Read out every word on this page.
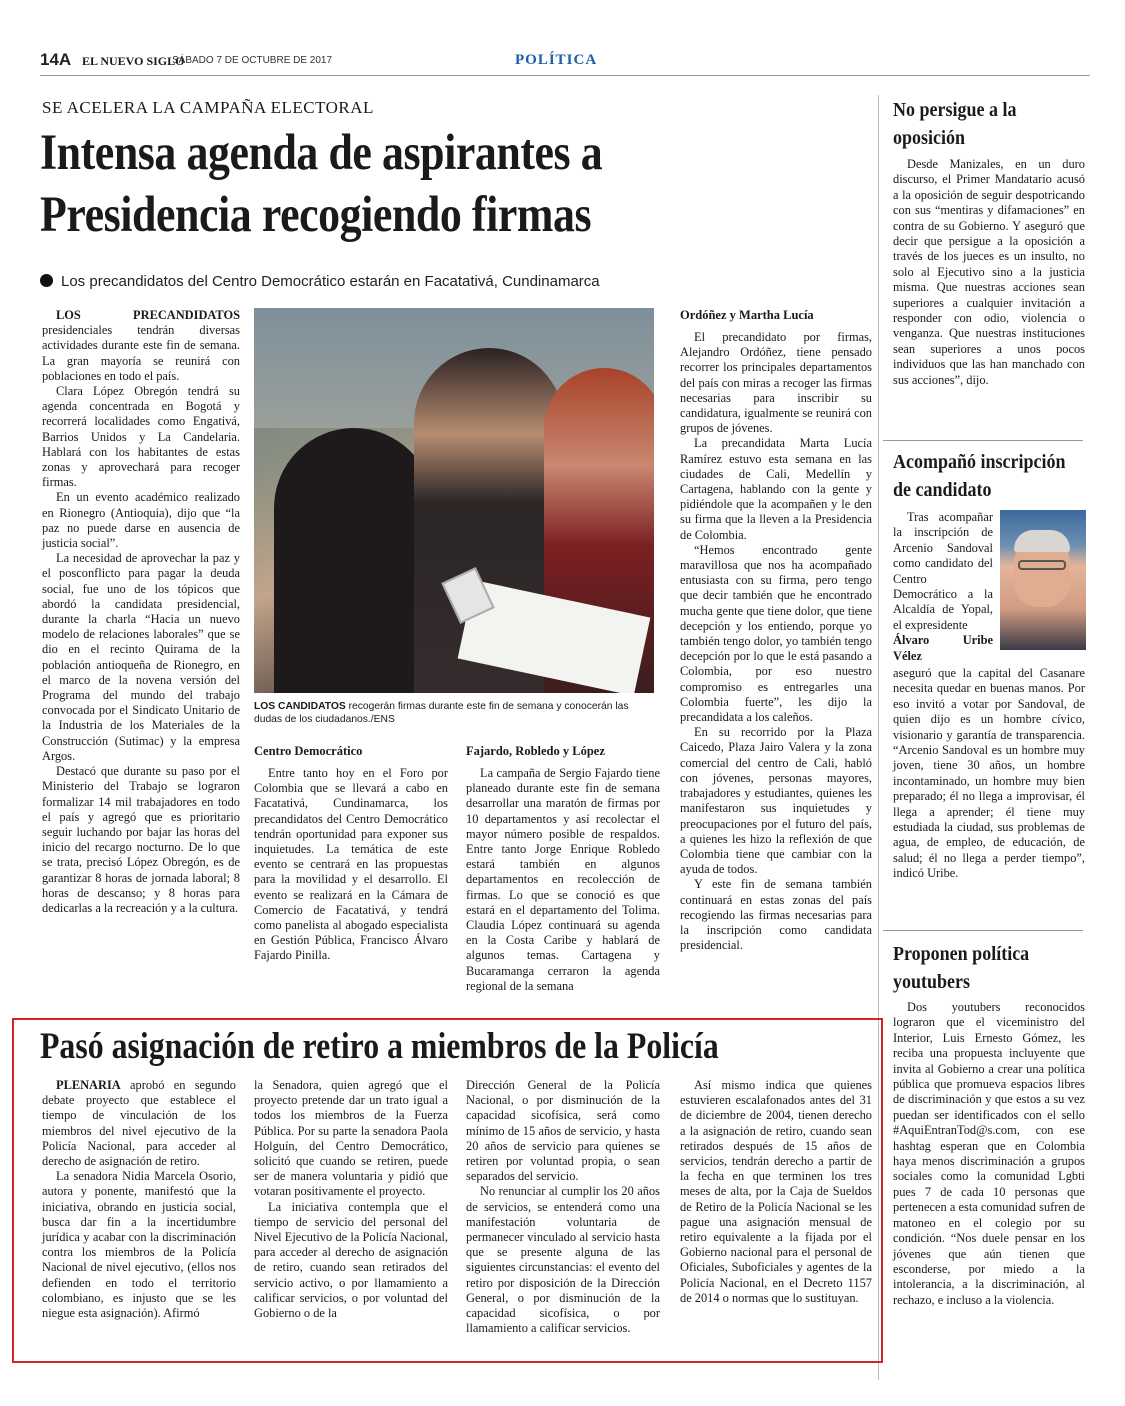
14A EL NUEVO SIGLO
SÁBADO 7 DE OCTUBRE DE 2017	POLÍTICA
SE ACELERA LA CAMPAÑA ELECTORAL
Intensa agenda de aspirantes a Presidencia recogiendo firmas
Los precandidatos del Centro Democrático estarán en Facatativá, Cundinamarca

LOS PRECANDIDATOS presidenciales tendrán diversas actividades durante este fin de semana. La gran mayoría se reunirá con poblaciones en todo el país.

Clara López Obregón tendrá su agenda concentrada en Bogotá y recorrerá localidades como Engativá, Barrios Unidos y La Candelaria. Hablará con los habitantes de estas zonas y aprovechará para recoger firmas.

En un evento académico realizado en Rionegro (Antioquia), dijo que “la paz no puede darse en ausencia de justicia social”.

La necesidad de aprovechar la paz y el posconflicto para pagar la deuda social, fue uno de los tópicos que abordó la candidata presidencial, durante la charla “Hacia un nuevo modelo de relaciones laborales” que se dio en el recinto Quirama de la población antioqueña de Rionegro, en el marco de la novena versión del Programa del mundo del trabajo convocada por el Sindicato Unitario de la Industria de los Materiales de la Construcción (Sutimac) y la empresa Argos.

Destacó que durante su paso por el Ministerio del Trabajo se lograron formalizar 14 mil trabajadores en todo el país y agregó que es prioritario seguir luchando por bajar las horas del inicio del recargo nocturno. De lo que se trata, precisó López Obregón, es de garantizar 8 horas de jornada laboral; 8 horas de descanso; y 8 horas para dedicarlas a la recreación y a la cultura.

LOS CANDIDATOS recogerán firmas durante este fin de semana y conocerán las dudas de los ciudadanos./ENS
Centro Democrático

Entre tanto hoy en el Foro por Colombia que se llevará a cabo en Facatativá, Cundinamarca, los precandidatos del Centro Democrático tendrán oportunidad para exponer sus inquietudes. La temática de este evento se centrará en las propuestas para la movilidad y el desarrollo. El evento se realizará en la Cámara de Comercio de Facatativá, y tendrá como panelista al abogado especialista en Gestión Pública, Francisco Álvaro Fajardo Pinilla.

Fajardo, Robledo y López

La campaña de Sergio Fajardo tiene planeado durante este fin de semana desarrollar una maratón de firmas por 10 departamentos y así recolectar el mayor número posible de respaldos. Entre tanto Jorge Enrique Robledo estará también en algunos departamentos en recolección de firmas. Lo que se conoció es que estará en el departamento del Tolima. Claudia López continuará su agenda en la Costa Caribe y hablará de algunos temas. Cartagena y Bucaramanga cerraron la agenda regional de la semana

Ordóñez y Martha Lucía

El precandidato por firmas, Alejandro Ordóñez, tiene pensado recorrer los principales departamentos del país con miras a recoger las firmas necesarias para inscribir su candidatura, igualmente se reunirá con grupos de jóvenes.

La precandidata Marta Lucía Ramírez estuvo esta semana en las ciudades de Cali, Medellín y Cartagena, hablando con la gente y pidiéndole que la acompañen y le den su firma que la lleven a la Presidencia de Colombia.

“Hemos encontrado gente maravillosa que nos ha acompañado entusiasta con su firma, pero tengo que decir también que he encontrado mucha gente que tiene dolor, que tiene decepción y los entiendo, porque yo también tengo dolor, yo también tengo decepción por lo que le está pasando a Colombia, por eso nuestro compromiso es entregarles una Colombia fuerte”, les dijo la precandidata a los caleños.

En su recorrido por la Plaza Caicedo, Plaza Jairo Valera y la zona comercial del centro de Cali, habló con jóvenes, personas mayores, trabajadores y estudiantes, quienes les manifestaron sus inquietudes y preocupaciones por el futuro del país, a quienes les hizo la reflexión de que Colombia tiene que cambiar con la ayuda de todos.

Y este fin de semana también continuará en estas zonas del país recogiendo las firmas necesarias para la inscripción como candidata presidencial.

No persigue a la oposición

Desde Manizales, en un duro discurso, el Primer Mandatario acusó a la oposición de seguir despotricando con sus “mentiras y difamaciones” en contra de su Gobierno. Y aseguró que decir que persigue a la oposición a través de los jueces es un insulto, no solo al Ejecutivo sino a la justicia misma. Que nuestras acciones sean superiores a cualquier invitación a responder con odio, violencia o venganza. Que nuestras instituciones sean superiores a unos pocos individuos que las han manchado con sus acciones”, dijo.

Acompañó inscripción de candidato

Tras acompañar la inscripción de Arcenio Sandoval como candidato del Centro Democrático a la Alcaldía de Yopal, el expresidente

Álvaro Uribe Vélez

aseguró que la capital del Casanare necesita quedar en buenas manos. Por eso invitó a votar por Sandoval, de quien dijo es un hombre cívico, visionario y garantía de transparencia. “Arcenio Sandoval es un hombre muy joven, tiene 30 años, un hombre incontaminado, un hombre muy bien preparado; él no llega a improvisar, él llega a aprender; él tiene muy estudiada la ciudad, sus problemas de agua, de empleo, de educación, de salud; él no llega a perder tiempo”, indicó Uribe.

Proponen política youtubers

Dos youtubers reconocidos lograron que el viceministro del Interior, Luis Ernesto Gómez, les reciba una propuesta incluyente que invita al Gobierno a crear una política pública que promueva espacios libres de discriminación y que estos a su vez puedan ser identificados con el sello #AquiEntranTod@s.com, con ese hashtag esperan que en Colombia haya menos discriminación a grupos sociales como la comunidad Lgbti pues 7 de cada 10 personas que pertenecen a esta comunidad sufren de matoneo en el colegio por su condición. “Nos duele pensar en los jóvenes que aún tienen que esconderse, por miedo a la intolerancia, a la discriminación, al rechazo, e incluso a la violencia.

Pasó asignación de retiro a miembros de la Policía

PLENARIA aprobó en segundo debate proyecto que establece el tiempo de vinculación de los miembros del nivel ejecutivo de la Policía Nacional, para acceder al derecho de asignación de retiro.

La senadora Nidia Marcela Osorio, autora y ponente, manifestó que la iniciativa, obrando en justicia social, busca dar fin a la incertidumbre jurídica y acabar con la discriminación contra los miembros de la Policía Nacional de nivel ejecutivo, (ellos nos defienden en todo el territorio colombiano, es injusto que se les niegue esta asignación). Afirmó

la Senadora, quien agregó que el proyecto pretende dar un trato igual a todos los miembros de la Fuerza Pública. Por su parte la senadora Paola Holguín, del Centro Democrático, solicitó que cuando se retiren, puede ser de manera voluntaria y pidió que votaran positivamente el proyecto.

La iniciativa contempla que el tiempo de servicio del personal del Nivel Ejecutivo de la Policía Nacional, para acceder al derecho de asignación de retiro, cuando sean retirados del servicio activo, o por llamamiento a calificar servicios, o por voluntad del Gobierno o de la

Dirección General de la Policía Nacional, o por disminución de la capacidad sicofísica, será como mínimo de 15 años de servicio, y hasta 20 años de servicio para quienes se retiren por voluntad propia, o sean separados del servicio.

No renunciar al cumplir los 20 años de servicios, se entenderá como una manifestación voluntaria de permanecer vinculado al servicio hasta que se presente alguna de las siguientes circunstancias: el evento del retiro por disposición de la Dirección General, o por disminución de la capacidad sicofísica, o por llamamiento a calificar servicios.

Así mismo indica que quienes estuvieren escalafonados antes del 31 de diciembre de 2004, tienen derecho a la asignación de retiro, cuando sean retirados después de 15 años de servicios, tendrán derecho a partir de la fecha en que terminen los tres meses de alta, por la Caja de Sueldos de Retiro de la Policía Nacional se les pague una asignación mensual de retiro equivalente a la fijada por el Gobierno nacional para el personal de Oficiales, Suboficiales y agentes de la Policía Nacional, en el Decreto 1157 de 2014 o normas que lo sustituyan.
